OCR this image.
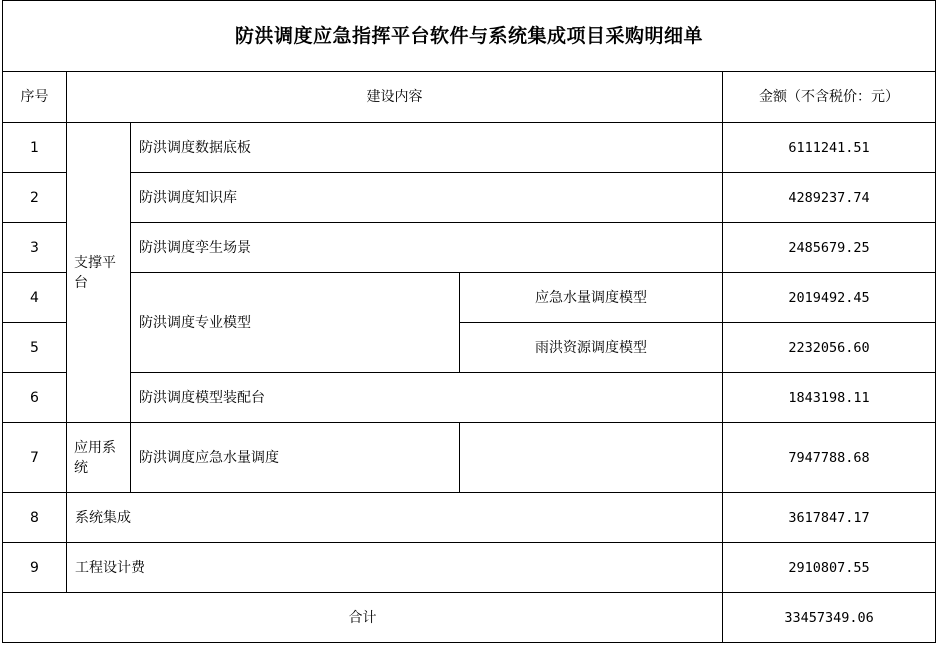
防洪调度应急指挥平台软件与系统集成项目采购明细单				
序号	建设内容			金额（不含税价：元）
1	支撑平台	防洪调度数据底板		6111241.51
2		防洪调度知识库		4289237.74
3		防洪调度孪生场景		2485679.25
4		防洪调度专业模型	应急水量调度模型	2019492.45
5			雨洪资源调度模型	2232056.60
6		防洪调度模型装配台		1843198.11
7	应用系统	防洪调度应急水量调度		7947788.68
8	系统集成			3617847.17
9	工程设计费			2910807.55
合计				33457349.06
